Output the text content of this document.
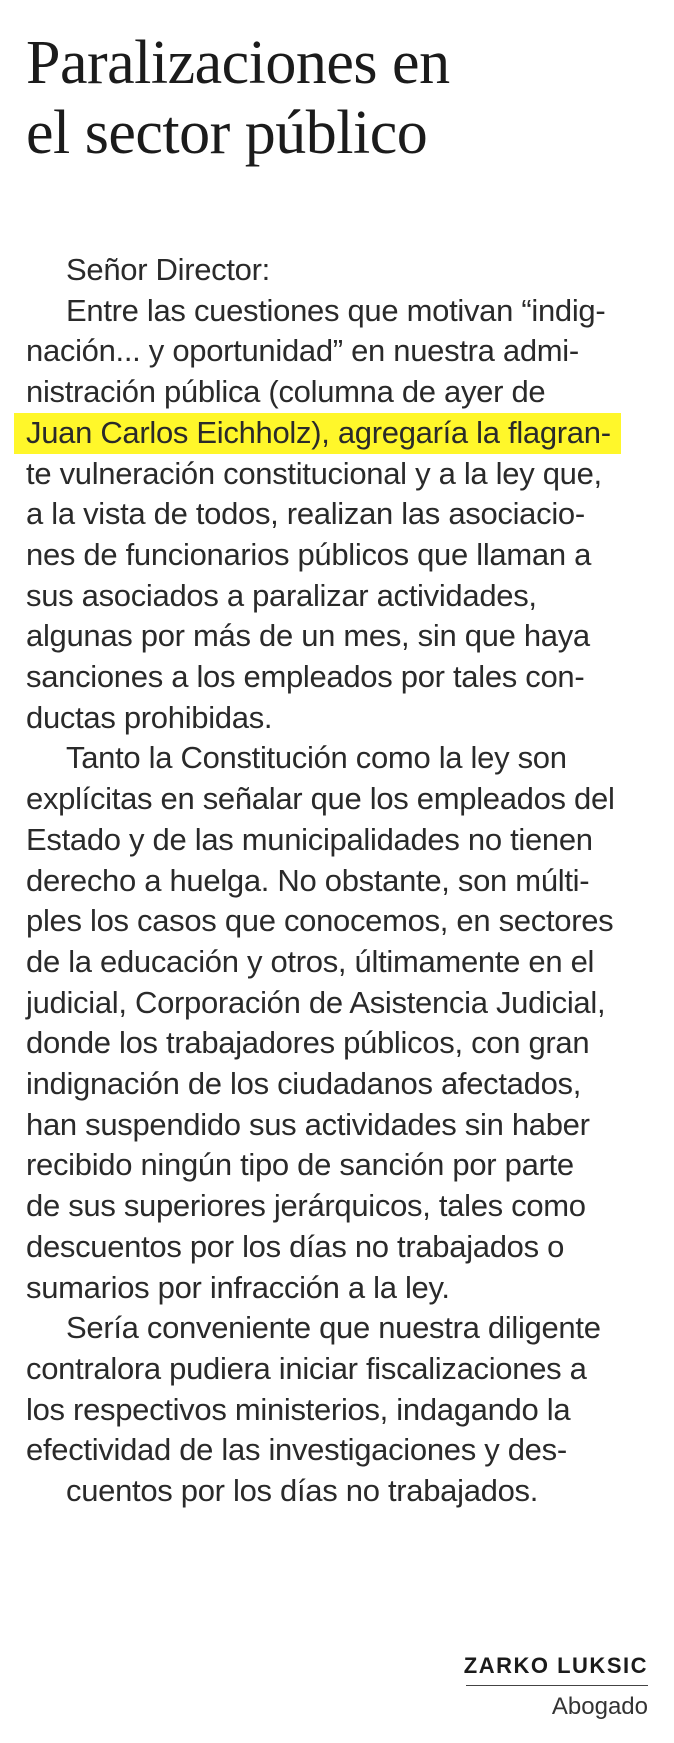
Paralizaciones en
el sector público
Señor Director:
Entre las cuestiones que motivan “indig-
nación... y oportunidad” en nuestra admi-
nistración pública (columna de ayer de
Juan Carlos Eichholz), agregaría la flagran-
te vulneración constitucional y a la ley que,
a la vista de todos, realizan las asociacio-
nes de funcionarios públicos que llaman a
sus asociados a paralizar actividades,
algunas por más de un mes, sin que haya
sanciones a los empleados por tales con-
ductas prohibidas.
Tanto la Constitución como la ley son
explícitas en señalar que los empleados del
Estado y de las municipalidades no tienen
derecho a huelga. No obstante, son múlti-
ples los casos que conocemos, en sectores
de la educación y otros, últimamente en el
judicial, Corporación de Asistencia Judicial,
donde los trabajadores públicos, con gran
indignación de los ciudadanos afectados,
han suspendido sus actividades sin haber
recibido ningún tipo de sanción por parte
de sus superiores jerárquicos, tales como
descuentos por los días no trabajados o
sumarios por infracción a la ley.
Sería conveniente que nuestra diligente
contralora pudiera iniciar fiscalizaciones a
los respectivos ministerios, indagando la
efectividad de las investigaciones y des-
cuentos por los días no trabajados.
ZARKO LUKSIC
Abogado
